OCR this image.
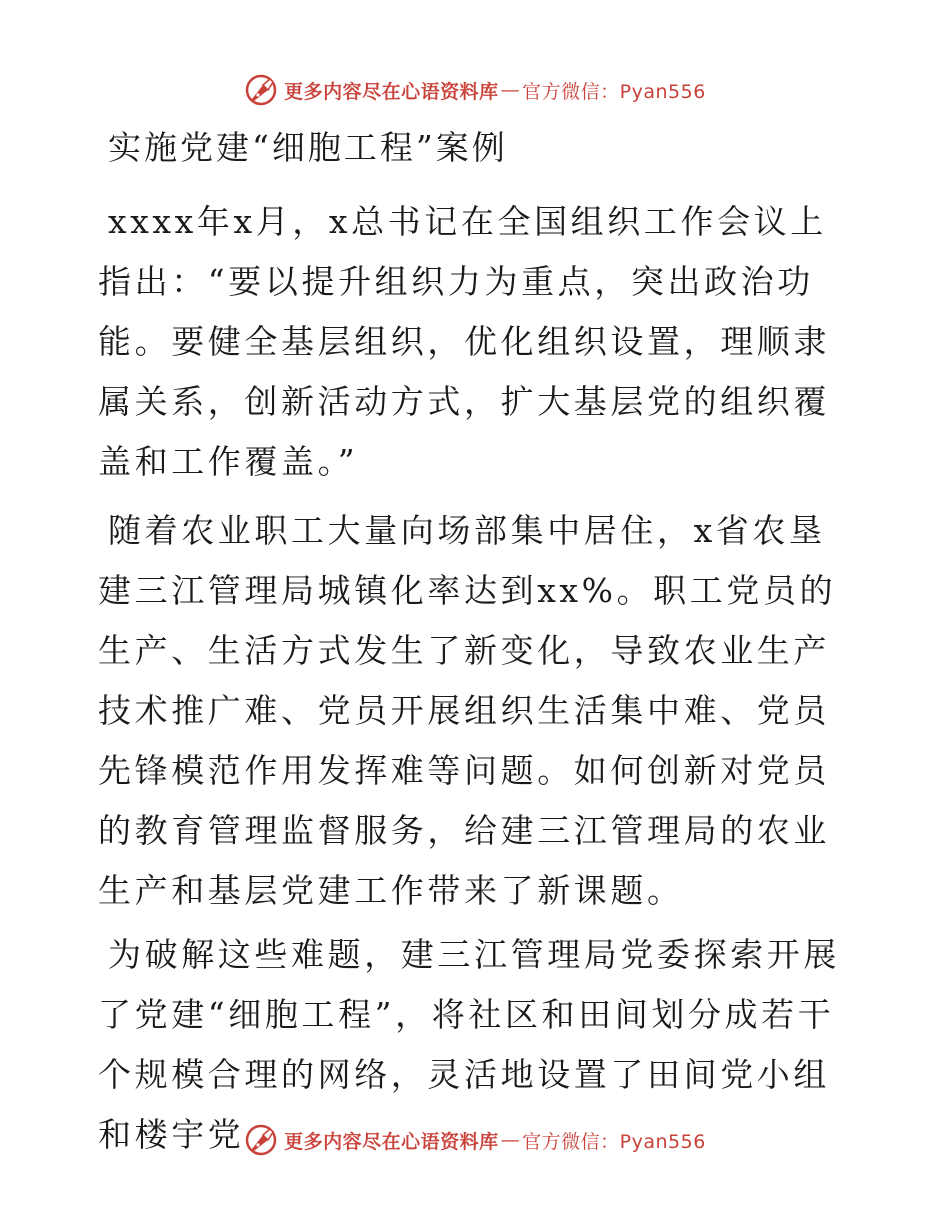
更多内容尽在心语资料库 — 官方微信：Pyan556
实施党建“细胞工程”案例

xxxx年x月，x总书记在全国组织工作会议上指出：“要以提升组织力为重点，突出政治功能。要健全基层组织，优化组织设置，理顺隶属关系，创新活动方式，扩大基层党的组织覆盖和工作覆盖。”

随着农业职工大量向场部集中居住，x省农垦建三江管理局城镇化率达到xx%。职工党员的生产、生活方式发生了新变化，导致农业生产技术推广难、党员开展组织生活集中难、党员先锋模范作用发挥难等问题。如何创新对党员的教育管理监督服务，给建三江管理局的农业生产和基层党建工作带来了新课题。

为破解这些难题，建三江管理局党委探索开展了党建“细胞工程”，将社区和田间划分成若干个规模合理的网络，灵活地设置了田间党小组和楼宇党	更多内容尽在心语资料库 — 官方微信：Pyan556
